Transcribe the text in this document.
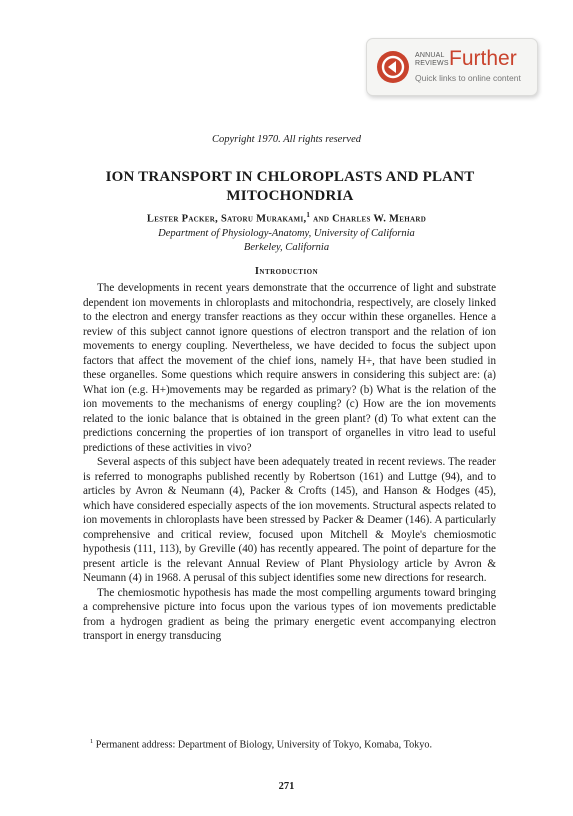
ANNUAL REVIEWS Further
Quick links to online content
Copyright 1970. All rights reserved
ION TRANSPORT IN CHLOROPLASTS AND PLANT
MITOCHONDRIA
Lester Packer, Satoru Murakami,$^1$ and Charles W. Mehard
Department of Physiology-Anatomy, University of California
Berkeley, California
Introduction

The developments in recent years demonstrate that the occurrence of light and substrate dependent ion movements in chloroplasts and mitochondria, respectively, are closely linked to the electron and energy transfer reactions as they occur within these organelles. Hence a review of this subject cannot ignore questions of electron transport and the relation of ion movements to energy coupling. Nevertheless, we have decided to focus the subject upon factors that affect the movement of the chief ions, namely H+, that have been studied in these organelles. Some questions which require answers in considering this subject are: (a) What ion (e.g. H+)movements may be regarded as primary? (b) What is the relation of the ion movements to the mechanisms of energy coupling? (c) How are the ion movements related to the ionic balance that is obtained in the green plant? (d) To what extent can the predictions concerning the properties of ion transport of organelles in vitro lead to useful predictions of these activities in vivo?

Several aspects of this subject have been adequately treated in recent reviews. The reader is referred to monographs published recently by Robertson (161) and Luttge (94), and to articles by Avron & Neumann (4), Packer & Crofts (145), and Hanson & Hodges (45), which have considered especially aspects of the ion movements. Structural aspects related to ion movements in chloroplasts have been stressed by Packer & Deamer (146). A particularly comprehensive and critical review, focused upon Mitchell & Moyle's chemiosmotic hypothesis (111, 113), by Greville (40) has recently appeared. The point of departure for the present article is the relevant Annual Review of Plant Physiology article by Avron & Neumann (4) in 1968. A perusal of this subject identifies some new directions for research.

The chemiosmotic hypothesis has made the most compelling arguments toward bringing a comprehensive picture into focus upon the various types of ion movements predictable from a hydrogen gradient as being the primary energetic event accompanying electron transport in energy transducing

$^1$ Permanent address: Department of Biology, University of Tokyo, Komaba, Tokyo.

271
